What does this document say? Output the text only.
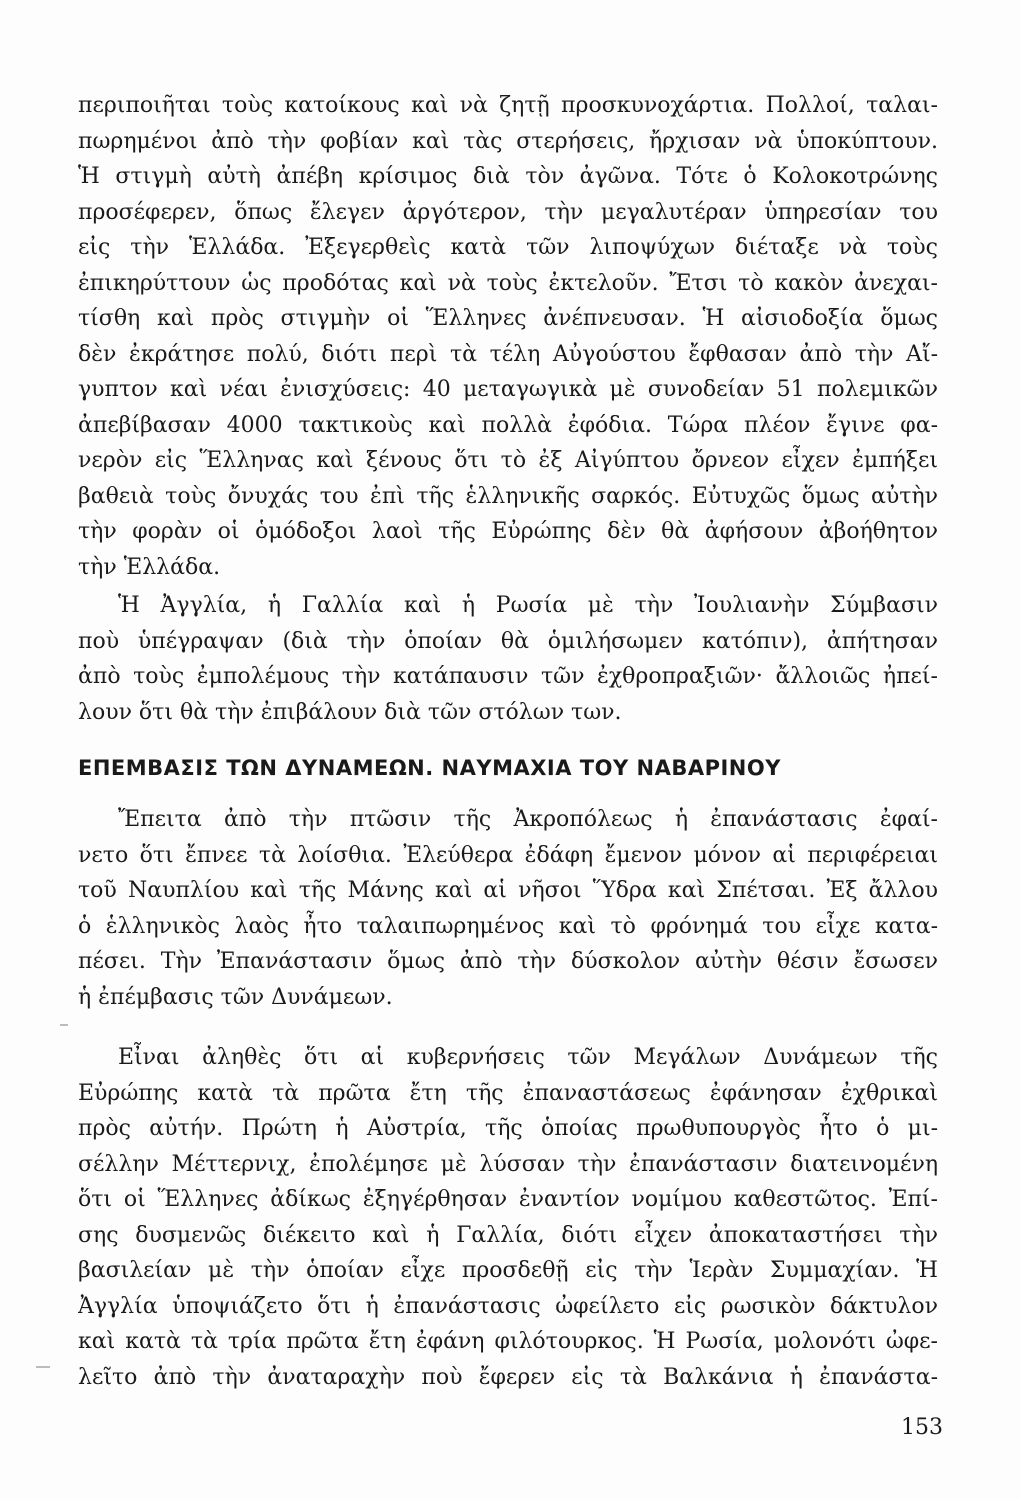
περιποιῆται τοὺς κατοίκους καὶ νὰ ζητῇ προσκυνοχάρτια. Πολλοί, ταλαι-
πωρημένοι ἀπὸ τὴν φοβίαν καὶ τὰς στερήσεις, ἤρχισαν νὰ ὑποκύπτουν.
Ἡ στιγμὴ αὐτὴ ἀπέβη κρίσιμος διὰ τὸν ἀγῶνα. Τότε ὁ Κολοκοτρώνης
προσέφερεν, ὅπως ἔλεγεν ἀργότερον, τὴν μεγαλυτέραν ὑπηρεσίαν του
εἰς τὴν Ἑλλάδα. Ἐξεγερθεὶς κατὰ τῶν λιποψύχων διέταξε νὰ τοὺς
ἐπικηρύττουν ὡς προδότας καὶ νὰ τοὺς ἐκτελοῦν. Ἔτσι τὸ κακὸν ἀνεχαι-
τίσθη καὶ πρὸς στιγμὴν οἱ Ἕλληνες ἀνέπνευσαν. Ἡ αἰσιοδοξία ὅμως
δὲν ἐκράτησε πολύ, διότι περὶ τὰ τέλη Αὐγούστου ἔφθασαν ἀπὸ τὴν Αἴ-
γυπτον καὶ νέαι ἐνισχύσεις: 40 μεταγωγικὰ μὲ συνοδείαν 51 πολεμικῶν
ἀπεβίβασαν 4000 τακτικοὺς καὶ πολλὰ ἐφόδια. Τώρα πλέον ἔγινε φα-
νερὸν εἰς Ἕλληνας καὶ ξένους ὅτι τὸ ἐξ Αἰγύπτου ὄρνεον εἶχεν ἐμπήξει
βαθειὰ τοὺς ὄνυχάς του ἐπὶ τῆς ἑλληνικῆς σαρκός. Εὐτυχῶς ὅμως αὐτὴν
τὴν φορὰν οἱ ὁμόδοξοι λαοὶ τῆς Εὐρώπης δὲν θὰ ἀφήσουν ἀβοήθητον
τὴν Ἑλλάδα.
Ἡ Ἀγγλία, ἡ Γαλλία καὶ ἡ Ρωσία μὲ τὴν Ἰουλιανὴν Σύμβασιν
ποὺ ὑπέγραψαν (διὰ τὴν ὁποίαν θὰ ὁμιλήσωμεν κατόπιν), ἀπήτησαν
ἀπὸ τοὺς ἐμπολέμους τὴν κατάπαυσιν τῶν ἐχθροπραξιῶν· ἄλλοιῶς ἠπεί-
λουν ὅτι θὰ τὴν ἐπιβάλουν διὰ τῶν στόλων των.
ΕΠΕΜΒΑΣΙΣ ΤΩΝ ΔΥΝΑΜΕΩΝ. ΝΑΥΜΑΧΙΑ ΤΟΥ ΝΑΒΑΡΙΝΟΥ
Ἔπειτα ἀπὸ τὴν πτῶσιν τῆς Ἀκροπόλεως ἡ ἐπανάστασις ἐφαί-
νετο ὅτι ἔπνεε τὰ λοίσθια. Ἐλεύθερα ἐδάφη ἔμενον μόνον αἱ περιφέρειαι
τοῦ Ναυπλίου καὶ τῆς Μάνης καὶ αἱ νῆσοι Ὕδρα καὶ Σπέτσαι. Ἐξ ἄλλου
ὁ ἑλληνικὸς λαὸς ἦτο ταλαιπωρημένος καὶ τὸ φρόνημά του εἶχε κατα-
πέσει. Τὴν Ἐπανάστασιν ὅμως ἀπὸ τὴν δύσκολον αὐτὴν θέσιν ἔσωσεν
ἡ ἐπέμβασις τῶν Δυνάμεων.
Εἶναι ἀληθὲς ὅτι αἱ κυβερνήσεις τῶν Μεγάλων Δυνάμεων τῆς
Εὐρώπης κατὰ τὰ πρῶτα ἔτη τῆς ἐπαναστάσεως ἐφάνησαν ἐχθρικαὶ
πρὸς αὐτήν. Πρώτη ἡ Αὐστρία, τῆς ὁποίας πρωθυπουργὸς ἦτο ὁ μι-
σέλλην Μέττερνιχ, ἐπολέμησε μὲ λύσσαν τὴν ἐπανάστασιν διατεινομένη
ὅτι οἱ Ἕλληνες ἀδίκως ἐξηγέρθησαν ἐναντίον νομίμου καθεστῶτος. Ἐπί-
σης δυσμενῶς διέκειτο καὶ ἡ Γαλλία, διότι εἶχεν ἀποκαταστήσει τὴν
βασιλείαν μὲ τὴν ὁποίαν εἶχε προσδεθῇ εἰς τὴν Ἱερὰν Συμμαχίαν. Ἡ
Ἀγγλία ὑποψιάζετο ὅτι ἡ ἐπανάστασις ὠφείλετο εἰς ρωσικὸν δάκτυλον
καὶ κατὰ τὰ τρία πρῶτα ἔτη ἐφάνη φιλότουρκος. Ἡ Ρωσία, μολονότι ὠφε-
λεῖτο ἀπὸ τὴν ἀναταραχὴν ποὺ ἔφερεν εἰς τὰ Βαλκάνια ἡ ἐπανάστα-
153
